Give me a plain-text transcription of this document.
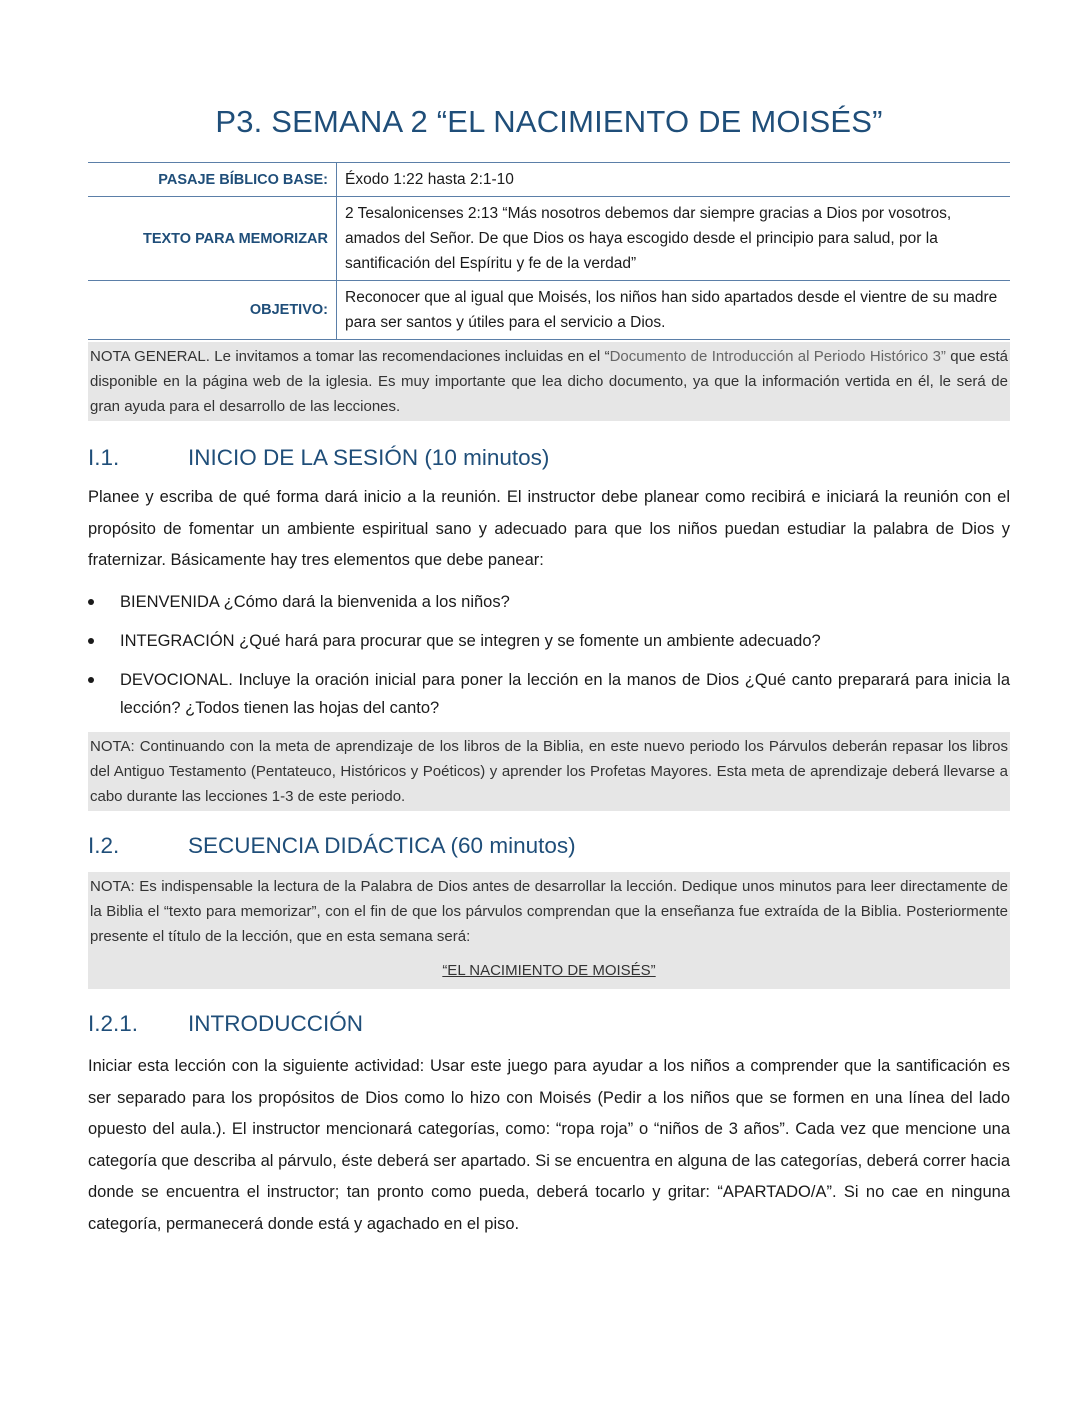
P3. SEMANA 2 “EL NACIMIENTO DE MOISÉS”
PASAJE BÍBLICO BASE:	Éxodo 1:22 hasta 2:1-10
TEXTO PARA MEMORIZAR	2 Tesalonicenses 2:13 “Más nosotros debemos dar siempre gracias a Dios por vosotros, amados del Señor. De que Dios os haya escogido desde el principio para salud, por la santificación del Espíritu y fe de la verdad”
OBJETIVO:	Reconocer que al igual que Moisés, los niños han sido apartados desde el vientre de su madre para ser santos y útiles para el servicio a Dios.
NOTA GENERAL. Le invitamos a tomar las recomendaciones incluidas en el “Documento de Introducción al Periodo Histórico 3” que está disponible en la página web de la iglesia. Es muy importante que lea dicho documento, ya que la información vertida en él, le será de gran ayuda para el desarrollo de las lecciones.
I.1.	INICIO DE LA SESIÓN (10 minutos)

Planee y escriba de qué forma dará inicio a la reunión. El instructor debe planear como recibirá e iniciará la reunión con el propósito de fomentar un ambiente espiritual sano y adecuado para que los niños puedan estudiar la palabra de Dios y fraternizar. Básicamente hay tres elementos que debe panear:

BIENVENIDA ¿Cómo dará la bienvenida a los niños?
INTEGRACIÓN ¿Qué hará para procurar que se integren y se fomente un ambiente adecuado?
DEVOCIONAL. Incluye la oración inicial para poner la lección en la manos de Dios ¿Qué canto preparará para inicia la lección? ¿Todos tienen las hojas del canto?
NOTA: Continuando con la meta de aprendizaje de los libros de la Biblia, en este nuevo periodo los Párvulos deberán repasar los libros del Antiguo Testamento (Pentateuco, Históricos y Poéticos) y aprender los Profetas Mayores. Esta meta de aprendizaje deberá llevarse a cabo durante las lecciones 1-3 de este periodo.
I.2.	SECUENCIA DIDÁCTICA (60 minutos)
NOTA: Es indispensable la lectura de la Palabra de Dios antes de desarrollar la lección. Dedique unos minutos para leer directamente de la Biblia el “texto para memorizar”, con el fin de que los párvulos comprendan que la enseñanza fue extraída de la Biblia. Posteriormente presente el título de la lección, que en esta semana será:
“EL NACIMIENTO DE MOISÉS”
I.2.1. INTRODUCCIÓN

Iniciar esta lección con la siguiente actividad: Usar este juego para ayudar a los niños a comprender que la santificación es ser separado para los propósitos de Dios como lo hizo con Moisés (Pedir a los niños que se formen en una línea del lado opuesto del aula.). El instructor mencionará categorías, como: “ropa roja” o “niños de 3 años”. Cada vez que mencione una categoría que describa al párvulo, éste deberá ser apartado. Si se encuentra en alguna de las categorías, deberá correr hacia donde se encuentra el instructor; tan pronto como pueda, deberá tocarlo y gritar: “APARTADO/A”. Si no cae en ninguna categoría, permanecerá donde está y agachado en el piso.
